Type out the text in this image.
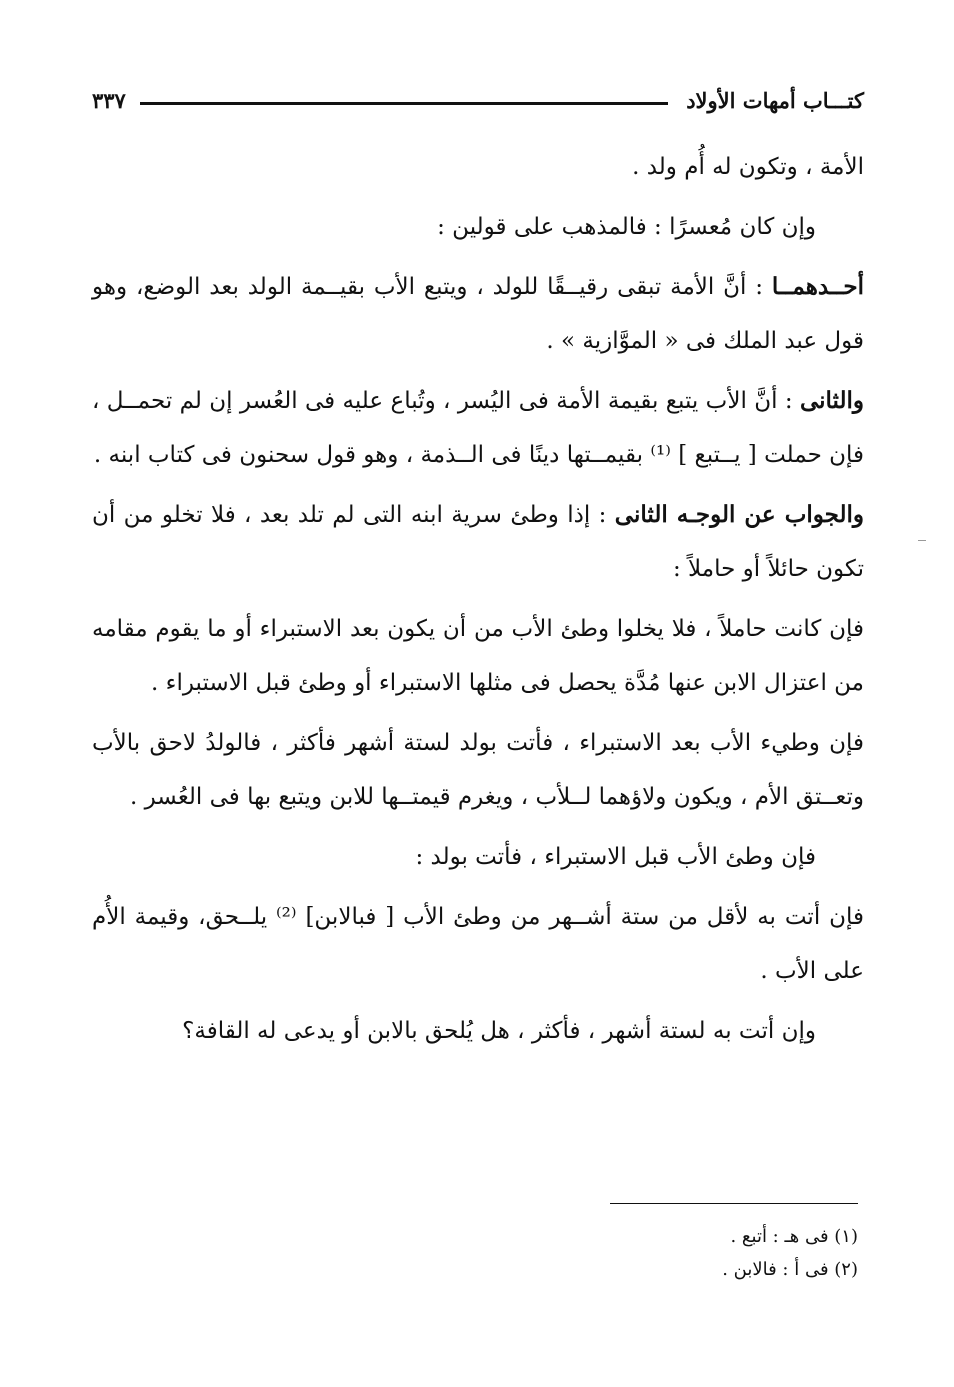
كتـــاب أمهات الأولاد
٣٣٧

الأمة ، وتكون له أُم ولد .

وإن كان مُعسرًا : فالمذهب على قولين :

أحــدهمــا : أنَّ الأمة تبقى رقيــقًا للولد ، ويتبع الأب بقيــمة الولد بعد الوضع، وهو قول عبد الملك فى « الموَّازية » .

والثانى : أنَّ الأب يتبع بقيمة الأمة فى اليُسر ، وتُباع عليه فى العُسر إن لم تحمــل ، فإن حملت [ يــتبع ] ⁽¹⁾ بقيمــتها دينًا فى الــذمة ، وهو قول سحنون فى كتاب ابنه .

والجواب عن الوجـه الثانى : إذا وطئ سرية ابنه التى لم تلد بعد ، فلا تخلو من أن تكون حائلاً أو حاملاً :

فإن كانت حاملاً ، فلا يخلوا وطئ الأب من أن يكون بعد الاستبراء أو ما يقوم مقامه من اعتزال الابن عنها مُدَّة يحصل فى مثلها الاستبراء أو وطئ قبل الاستبراء .

فإن وطيء الأب بعد الاستبراء ، فأتت بولد لستة أشهر فأكثر ، فالولدُ لاحق بالأب وتعــتق الأم ، ويكون ولاؤهما لــلأب ، ويغرم قيمتــها للابن ويتبع بها فى العُسر .

فإن وطئ الأب قبل الاستبراء ، فأتت بولد :

فإن أتت به لأقل من ستة أشــهر من وطئ الأب [ فبالابن] ⁽²⁾ يلــحق، وقيمة الأُم على الأب .

وإن أتت به لستة أشهر ، فأكثر ، هل يُلحق بالابن أو يدعى له القافة؟

(١) فى هـ : أتبع .

(٢) فى أ : فالابن .
